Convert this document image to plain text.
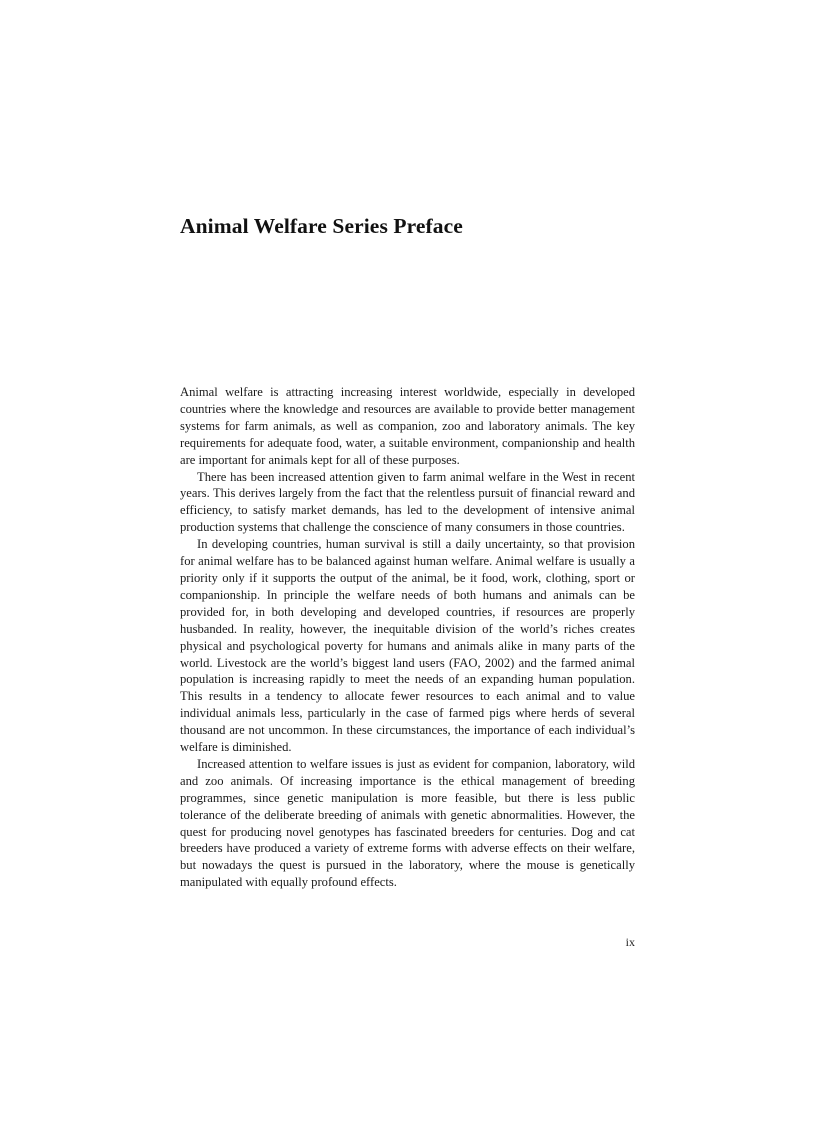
Animal Welfare Series Preface

Animal welfare is attracting increasing interest worldwide, especially in developed countries where the knowledge and resources are available to provide better management systems for farm animals, as well as companion, zoo and laboratory animals. The key requirements for adequate food, water, a suitable environment, companionship and health are important for animals kept for all of these purposes.

There has been increased attention given to farm animal welfare in the West in recent years. This derives largely from the fact that the relentless pursuit of financial reward and efficiency, to satisfy market demands, has led to the development of intensive animal production systems that challenge the conscience of many consumers in those countries.

In developing countries, human survival is still a daily uncertainty, so that provision for animal welfare has to be balanced against human welfare. Animal welfare is usually a priority only if it supports the output of the animal, be it food, work, clothing, sport or companionship. In principle the welfare needs of both humans and animals can be provided for, in both developing and developed countries, if resources are properly husbanded. In reality, however, the inequitable division of the world’s riches creates physical and psychological poverty for humans and animals alike in many parts of the world. Livestock are the world’s biggest land users (FAO, 2002) and the farmed animal population is increasing rapidly to meet the needs of an expanding human population. This results in a tendency to allocate fewer resources to each animal and to value individual animals less, particularly in the case of farmed pigs where herds of several thousand are not uncommon. In these circumstances, the importance of each individual’s welfare is diminished.

Increased attention to welfare issues is just as evident for companion, laboratory, wild and zoo animals. Of increasing importance is the ethical management of breeding programmes, since genetic manipulation is more feasible, but there is less public tolerance of the deliberate breeding of animals with genetic abnormalities. However, the quest for producing novel genotypes has fascinated breeders for centuries. Dog and cat breeders have produced a variety of extreme forms with adverse effects on their welfare, but nowadays the quest is pursued in the laboratory, where the mouse is genetically manipulated with equally profound effects.

ix
